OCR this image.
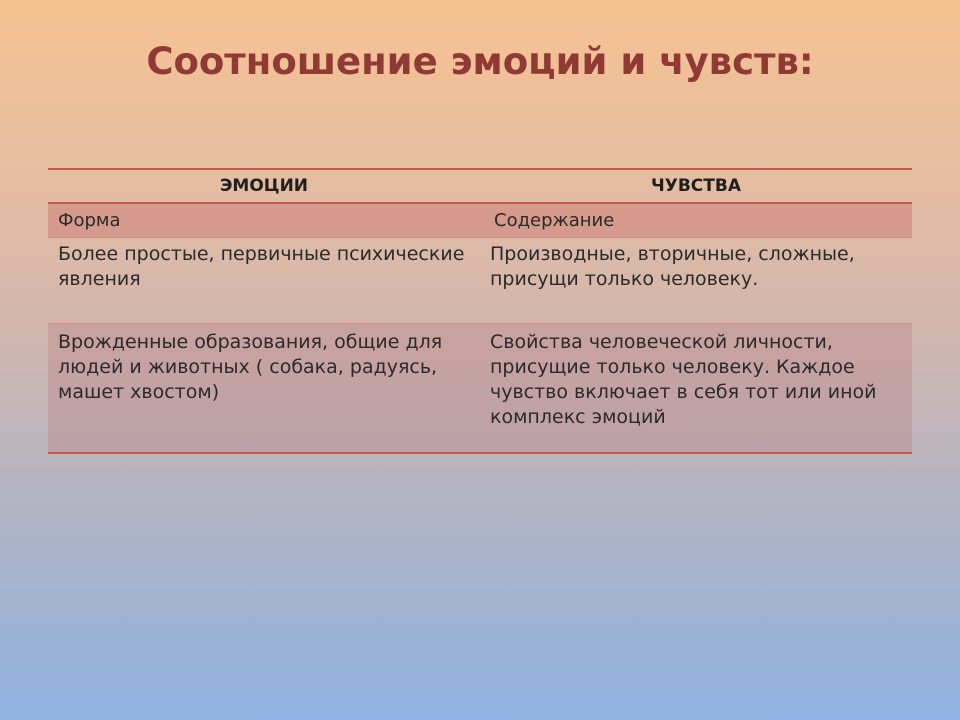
Соотношение эмоций и чувств:
ЭМОЦИИ	ЧУВСТВА
Форма	Содержание
Более простые, первичные психические явления	Производные, вторичные, сложные, присущи только человеку.
Врожденные образования, общие для людей и животных ( собака, радуясь, машет хвостом)	Свойства человеческой личности, присущие только человеку. Каждое чувство включает в себя тот или иной комплекс эмоций
